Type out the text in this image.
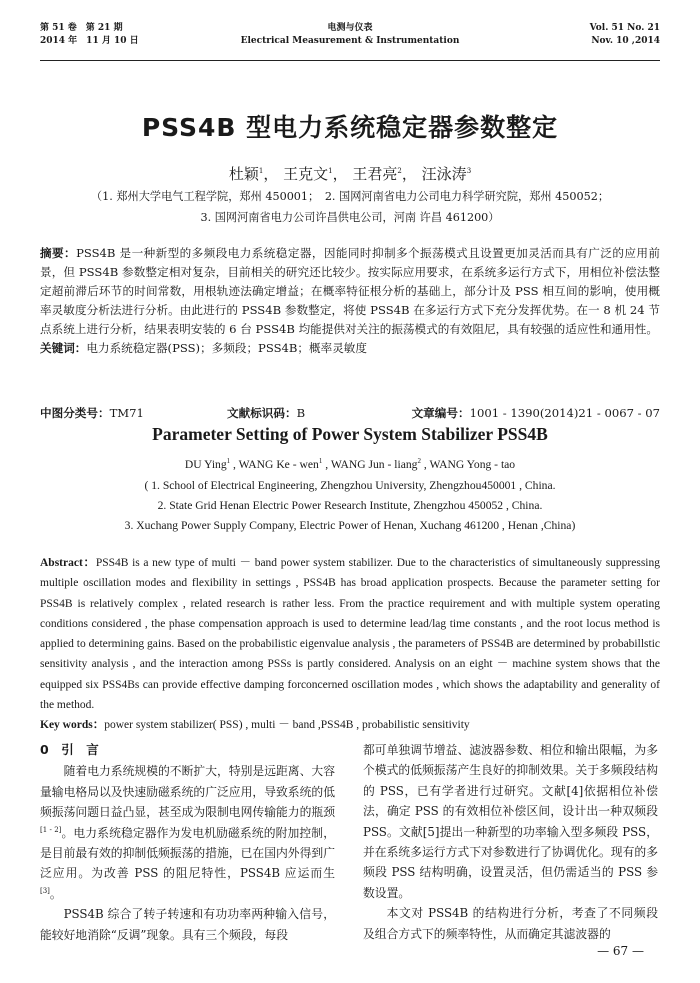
第 51 卷　第 21 期
2014 年　11 月 10 日
电测与仪表
Electrical Measurement & Instrumentation
Vol. 51 No. 21
Nov. 10 ,2014
PSS4B 型电力系统稳定器参数整定
杜颖$^1$， 王克文$^1$， 王君亮$^2$， 汪泳涛$^3$
（1. 郑州大学电气工程学院，郑州 450001；　2. 国网河南省电力公司电力科学研究院，郑州 450052；
3. 国网河南省电力公司许昌供电公司，河南 许昌 461200）
摘要：PSS4B 是一种新型的多频段电力系统稳定器，因能同时抑制多个振荡模式且设置更加灵活而具有广泛的应用前景，但 PSS4B 参数整定相对复杂，目前相关的研究还比较少。按实际应用要求，在系统多运行方式下，用相位补偿法整定超前滞后环节的时间常数，用根轨迹法确定增益；在概率特征根分析的基础上，部分计及 PSS 相互间的影响，使用概率灵敏度分析法进行分析。由此进行的 PSS4B 参数整定，将使 PSS4B 在多运行方式下充分发挥优势。在一 8 机 24 节点系统上进行分析，结果表明安装的 6 台 PSS4B 均能提供对关注的振荡模式的有效阻尼，具有较强的适应性和通用性。
关键词：电力系统稳定器(PSS)；多频段；PSS4B；概率灵敏度
中图分类号：TM71	文献标识码：B	文章编号：1001 - 1390(2014)21 - 0067 - 07
Parameter Setting of Power System Stabilizer PSS4B
DU Ying$^1$ , WANG Ke - wen$^1$ , WANG Jun - liang$^2$ , WANG Yong - tao
( 1. School of Electrical Engineering, Zhengzhou University, Zhengzhou450001 , China.
2. State Grid Henan Electric Power Research Institute, Zhengzhou 450052 , China.
3. Xuchang Power Supply Company, Electric Power of Henan, Xuchang 461200 , Henan ,China)
Abstract：PSS4B is a new type of multi － band power system stabilizer. Due to the characteristics of simultaneously suppressing multiple oscillation modes and flexibility in settings , PSS4B has broad application prospects. Because the parameter setting for PSS4B is relatively complex , related research is rather less. From the practice requirement and with multiple system operating conditions considered , the phase compensation approach is used to determine lead/lag time constants , and the root locus method is applied to determining gains. Based on the probabilistic eigenvalue analysis , the parameters of PSS4B are determined by probabillstic sensitivity analysis , and the interaction among PSSs is partly considered. Analysis on an eight － machine system shows that the equipped six PSS4Bs can provide effective damping forconcerned oscillation modes , which shows the adaptability and generality of the method.
Key words：power system stabilizer( PSS) , multi － band ,PSS4B , probabilistic sensitivity
0　引　言

随着电力系统规模的不断扩大，特别是远距离、大容量输电格局以及快速励磁系统的广泛应用，导致系统的低频振荡问题日益凸显，甚至成为限制电网传输能力的瓶颈[1 - 2]。电力系统稳定器作为发电机励磁系统的附加控制，是目前最有效的抑制低频振荡的措施，已在国内外得到广泛应用。为改善 PSS 的阻尼特性，PSS4B 应运而生[3]。

PSS4B 综合了转子转速和有功功率两种输入信号，能较好地消除“反调”现象。具有三个频段，每段

都可单独调节增益、滤波器参数、相位和输出限幅，为多个模式的低频振荡产生良好的抑制效果。关于多频段结构的 PSS，已有学者进行过研究。文献[4]依据相位补偿法，确定 PSS 的有效相位补偿区间，设计出一种双频段 PSS。文献[5]提出一种新型的功率输入型多频段 PSS，并在系统多运行方式下对参数进行了协调优化。现有的多频段 PSS 结构明确，设置灵活，但仍需适当的 PSS 参数设置。

本文对 PSS4B 的结构进行分析，考查了不同频段及组合方式下的频率特性，从而确定其滤波器的

— 67 —
